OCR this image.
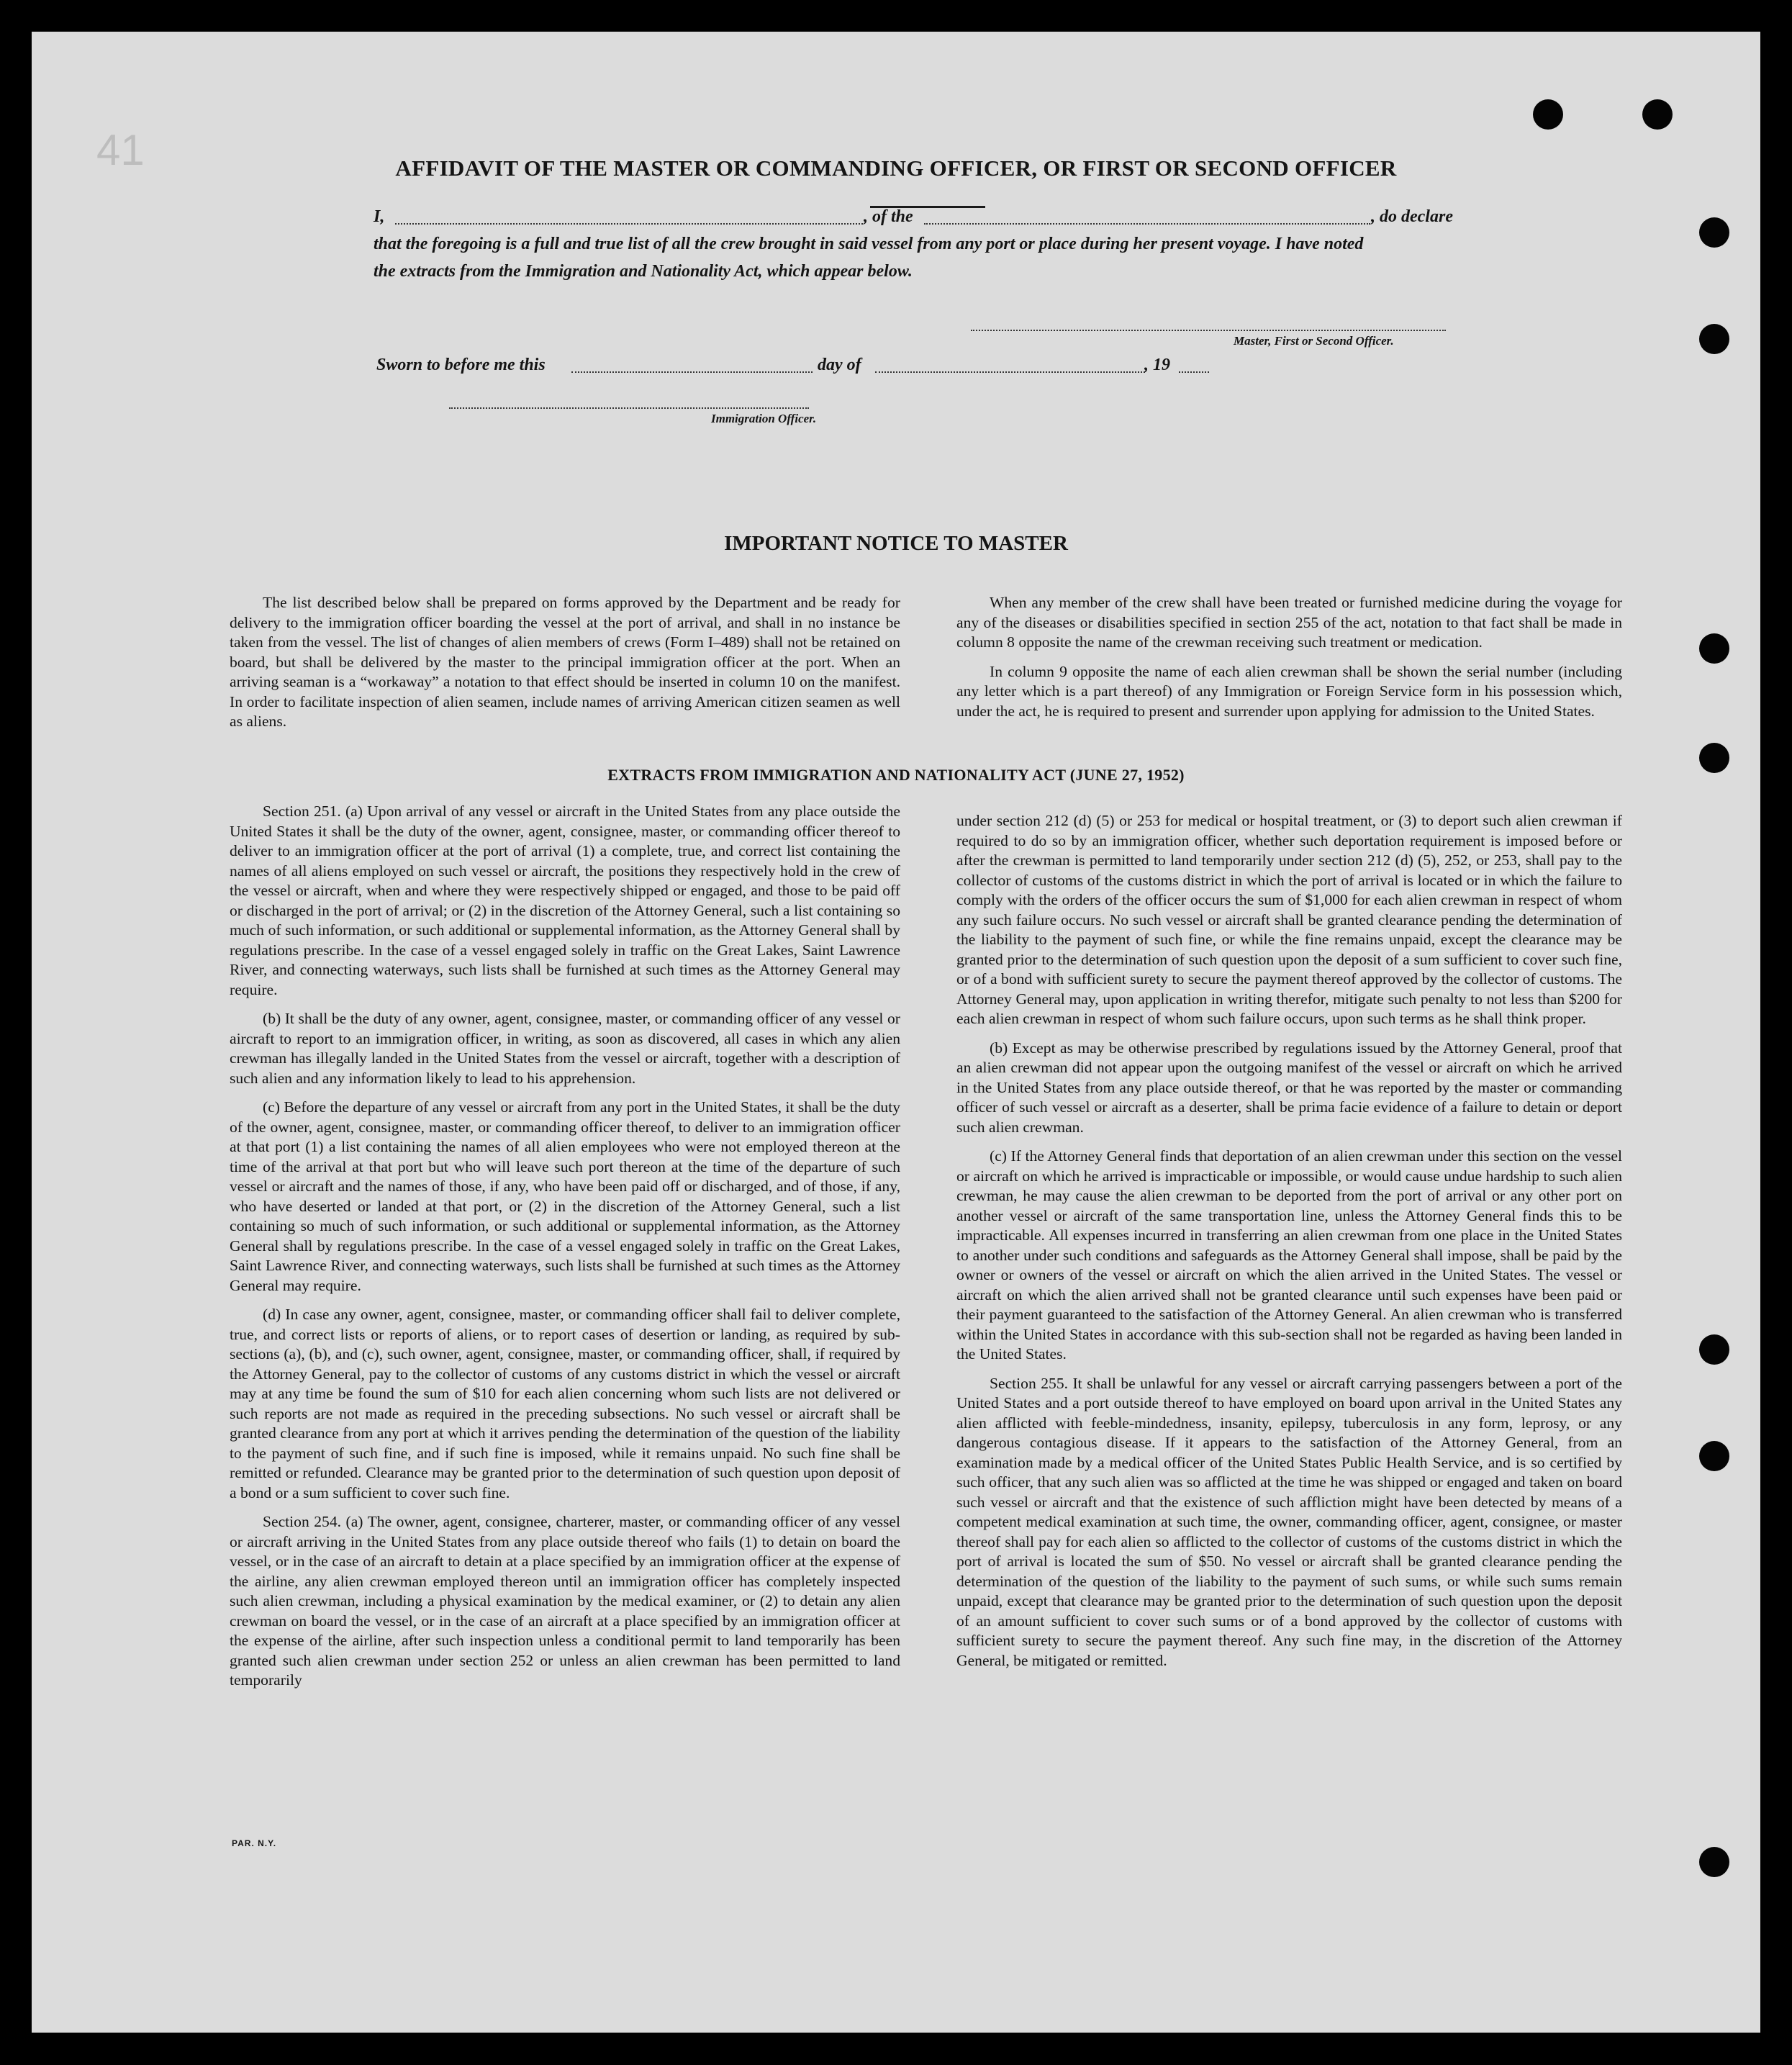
41	AFFIDAVIT OF THE MASTER OR COMMANDING OFFICER, OR FIRST OR SECOND OFFICER
I,	, of the	, do declare
that the foregoing is a full and true list of all the crew brought in said vessel from any port or place during her present voyage. I have noted
the extracts from the Immigration and Nationality Act, which appear below.
Master, First or Second Officer.
Sworn to before me this	day of	, 19
Immigration Officer.
IMPORTANT NOTICE TO MASTER

The list described below shall be prepared on forms approved by the Department and be ready for delivery to the immigration officer boarding the vessel at the port of arrival, and shall in no instance be taken from the vessel. The list of changes of alien members of crews (Form I–489) shall not be retained on board, but shall be delivered by the master to the principal immigration officer at the port. When an arriving seaman is a “workaway” a notation to that effect should be inserted in column 10 on the manifest. In order to facilitate inspection of alien seamen, include names of arriving American citizen seamen as well as aliens.

When any member of the crew shall have been treated or furnished medicine during the voyage for any of the diseases or disabilities specified in section 255 of the act, notation to that fact shall be made in column 8 opposite the name of the crewman receiving such treatment or medication.

In column 9 opposite the name of each alien crewman shall be shown the serial number (including any letter which is a part thereof) of any Immigration or Foreign Service form in his possession which, under the act, he is required to present and surrender upon applying for admission to the United States.

EXTRACTS FROM IMMIGRATION AND NATIONALITY ACT (JUNE 27, 1952)

Section 251. (a) Upon arrival of any vessel or aircraft in the United States from any place outside the United States it shall be the duty of the owner, agent, consignee, master, or commanding officer thereof to deliver to an immigration officer at the port of arrival (1) a complete, true, and correct list containing the names of all aliens employed on such vessel or aircraft, the positions they respectively hold in the crew of the vessel or aircraft, when and where they were respectively shipped or engaged, and those to be paid off or discharged in the port of arrival; or (2) in the discretion of the Attorney General, such a list containing so much of such information, or such additional or supplemental information, as the Attorney General shall by regulations prescribe. In the case of a vessel engaged solely in traffic on the Great Lakes, Saint Lawrence River, and connecting waterways, such lists shall be furnished at such times as the Attorney General may require.

(b) It shall be the duty of any owner, agent, consignee, master, or commanding officer of any vessel or aircraft to report to an immigration officer, in writing, as soon as discovered, all cases in which any alien crewman has illegally landed in the United States from the vessel or aircraft, together with a description of such alien and any information likely to lead to his apprehension.

(c) Before the departure of any vessel or aircraft from any port in the United States, it shall be the duty of the owner, agent, consignee, master, or commanding officer thereof, to deliver to an immigration officer at that port (1) a list containing the names of all alien employees who were not employed thereon at the time of the arrival at that port but who will leave such port thereon at the time of the departure of such vessel or aircraft and the names of those, if any, who have been paid off or discharged, and of those, if any, who have deserted or landed at that port, or (2) in the discretion of the Attorney General, such a list containing so much of such information, or such additional or supplemental information, as the Attorney General shall by regulations prescribe. In the case of a vessel engaged solely in traffic on the Great Lakes, Saint Lawrence River, and connecting waterways, such lists shall be furnished at such times as the Attorney General may require.

(d) In case any owner, agent, consignee, master, or commanding officer shall fail to deliver complete, true, and correct lists or reports of aliens, or to report cases of desertion or landing, as required by sub-sections (a), (b), and (c), such owner, agent, consignee, master, or commanding officer, shall, if required by the Attorney General, pay to the collector of customs of any customs district in which the vessel or aircraft may at any time be found the sum of $10 for each alien concerning whom such lists are not delivered or such reports are not made as required in the preceding subsections. No such vessel or aircraft shall be granted clearance from any port at which it arrives pending the determination of the question of the liability to the payment of such fine, and if such fine is imposed, while it remains unpaid. No such fine shall be remitted or refunded. Clearance may be granted prior to the determination of such question upon deposit of a bond or a sum sufficient to cover such fine.

Section 254. (a) The owner, agent, consignee, charterer, master, or commanding officer of any vessel or aircraft arriving in the United States from any place outside thereof who fails (1) to detain on board the vessel, or in the case of an aircraft to detain at a place specified by an immigration officer at the expense of the airline, any alien crewman employed thereon until an immigration officer has completely inspected such alien crewman, including a physical examination by the medical examiner, or (2) to detain any alien crewman on board the vessel, or in the case of an aircraft at a place specified by an immigration officer at the expense of the airline, after such inspection unless a conditional permit to land temporarily has been granted such alien crewman under section 252 or unless an alien crewman has been permitted to land temporarily

under section 212 (d) (5) or 253 for medical or hospital treatment, or (3) to deport such alien crewman if required to do so by an immigration officer, whether such deportation requirement is imposed before or after the crewman is permitted to land temporarily under section 212 (d) (5), 252, or 253, shall pay to the collector of customs of the customs district in which the port of arrival is located or in which the failure to comply with the orders of the officer occurs the sum of $1,000 for each alien crewman in respect of whom any such failure occurs. No such vessel or aircraft shall be granted clearance pending the determination of the liability to the payment of such fine, or while the fine remains unpaid, except the clearance may be granted prior to the determination of such question upon the deposit of a sum sufficient to cover such fine, or of a bond with sufficient surety to secure the payment thereof approved by the collector of customs. The Attorney General may, upon application in writing therefor, mitigate such penalty to not less than $200 for each alien crewman in respect of whom such failure occurs, upon such terms as he shall think proper.

(b) Except as may be otherwise prescribed by regulations issued by the Attorney General, proof that an alien crewman did not appear upon the outgoing manifest of the vessel or aircraft on which he arrived in the United States from any place outside thereof, or that he was reported by the master or commanding officer of such vessel or aircraft as a deserter, shall be prima facie evidence of a failure to detain or deport such alien crewman.

(c) If the Attorney General finds that deportation of an alien crewman under this section on the vessel or aircraft on which he arrived is impracticable or impossible, or would cause undue hardship to such alien crewman, he may cause the alien crewman to be deported from the port of arrival or any other port on another vessel or aircraft of the same transportation line, unless the Attorney General finds this to be impracticable. All expenses incurred in transferring an alien crewman from one place in the United States to another under such conditions and safeguards as the Attorney General shall impose, shall be paid by the owner or owners of the vessel or aircraft on which the alien arrived in the United States. The vessel or aircraft on which the alien arrived shall not be granted clearance until such expenses have been paid or their payment guaranteed to the satisfaction of the Attorney General. An alien crewman who is transferred within the United States in accordance with this sub-section shall not be regarded as having been landed in the United States.

Section 255. It shall be unlawful for any vessel or aircraft carrying passengers between a port of the United States and a port outside thereof to have employed on board upon arrival in the United States any alien afflicted with feeble-mindedness, insanity, epilepsy, tuberculosis in any form, leprosy, or any dangerous contagious disease. If it appears to the satisfaction of the Attorney General, from an examination made by a medical officer of the United States Public Health Service, and is so certified by such officer, that any such alien was so afflicted at the time he was shipped or engaged and taken on board such vessel or aircraft and that the existence of such affliction might have been detected by means of a competent medical examination at such time, the owner, commanding officer, agent, consignee, or master thereof shall pay for each alien so afflicted to the collector of customs of the customs district in which the port of arrival is located the sum of $50. No vessel or aircraft shall be granted clearance pending the determination of the question of the liability to the payment of such sums, or while such sums remain unpaid, except that clearance may be granted prior to the determination of such question upon the deposit of an amount sufficient to cover such sums or of a bond approved by the collector of customs with sufficient surety to secure the payment thereof. Any such fine may, in the discretion of the Attorney General, be mitigated or remitted.

PAR. N.Y.
